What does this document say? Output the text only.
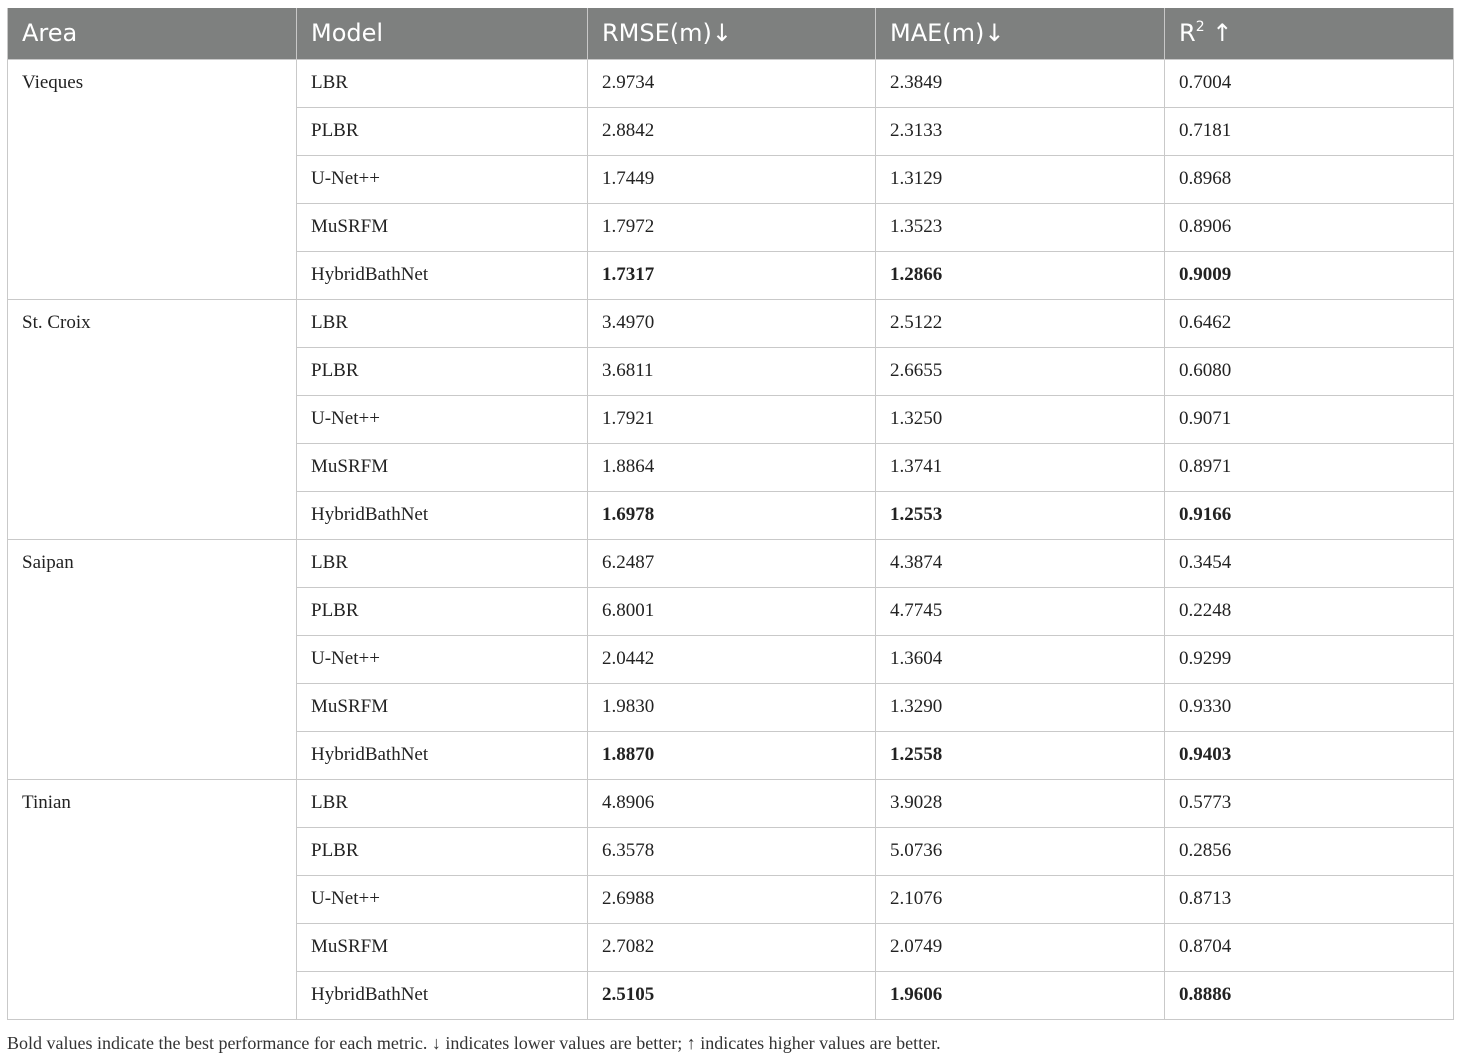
Area	Model	RMSE(m)↓	MAE(m)↓	$R^2$ ↑
Vieques	LBR	2.9734	2.3849	0.7004
	PLBR	2.8842	2.3133	0.7181
	U-Net++	1.7449	1.3129	0.8968
	MuSRFM	1.7972	1.3523	0.8906
	HybridBathNet	1.7317	1.2866	0.9009
St. Croix	LBR	3.4970	2.5122	0.6462
	PLBR	3.6811	2.6655	0.6080
	U-Net++	1.7921	1.3250	0.9071
	MuSRFM	1.8864	1.3741	0.8971
	HybridBathNet	1.6978	1.2553	0.9166
Saipan	LBR	6.2487	4.3874	0.3454
	PLBR	6.8001	4.7745	0.2248
	U-Net++	2.0442	1.3604	0.9299
	MuSRFM	1.9830	1.3290	0.9330
	HybridBathNet	1.8870	1.2558	0.9403
Tinian	LBR	4.8906	3.9028	0.5773
	PLBR	6.3578	5.0736	0.2856
	U-Net++	2.6988	2.1076	0.8713
	MuSRFM	2.7082	2.0749	0.8704
	HybridBathNet	2.5105	1.9606	0.8886
Bold values indicate the best performance for each metric. ↓ indicates lower values are better; ↑ indicates higher values are better.
